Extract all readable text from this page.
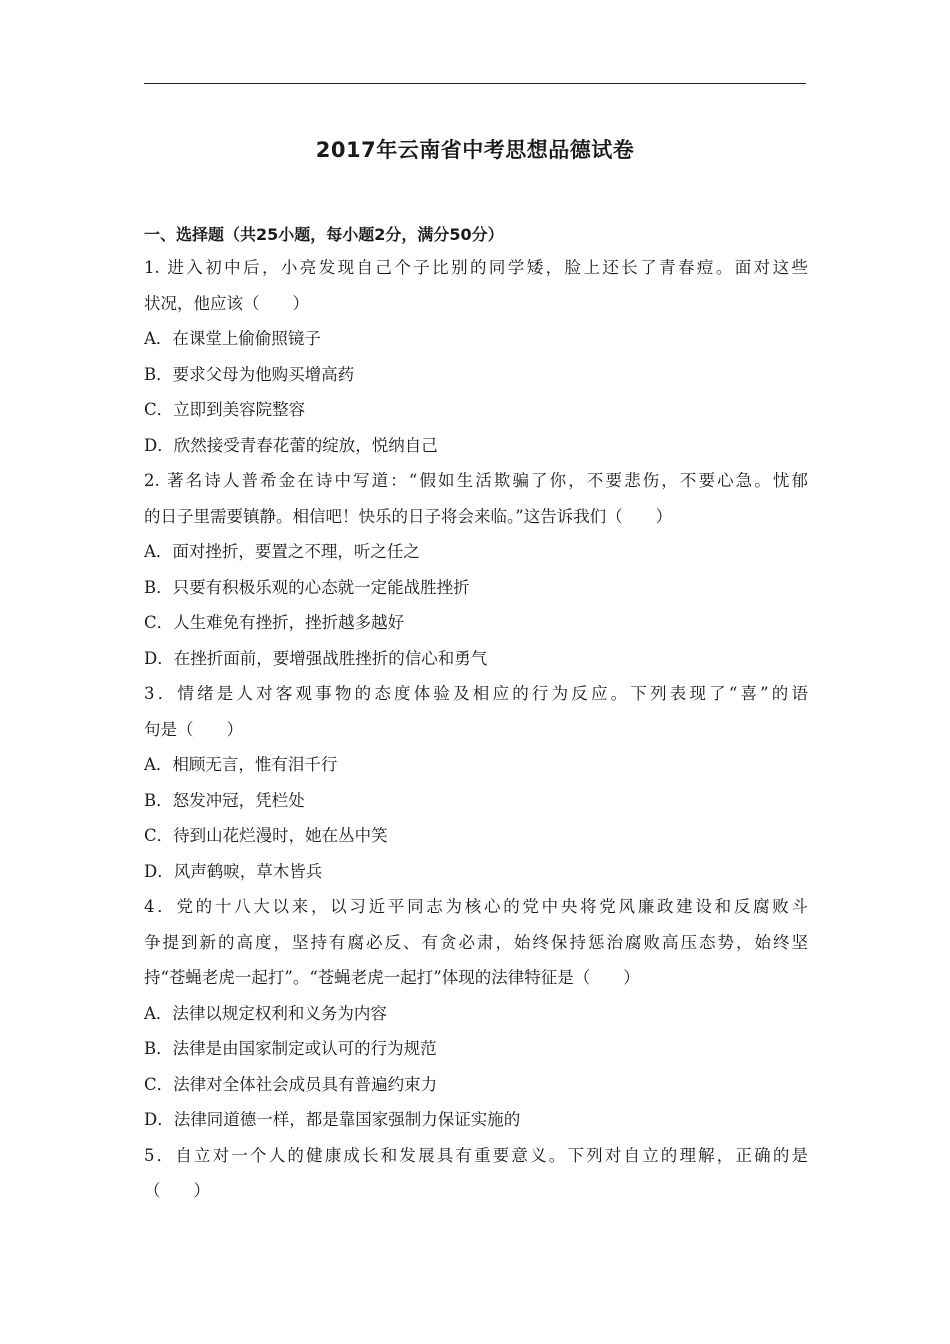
2017年云南省中考思想品德试卷
一、选择题（共25小题，每小题2分，满分50分）
1. 进入初中后，小亮发现自己个子比别的同学矮，脸上还长了青春痘。面对这些
状况，他应该（　　）
A．在课堂上偷偷照镜子
B．要求父母为他购买增高药
C．立即到美容院整容
D．欣然接受青春花蕾的绽放，悦纳自己
2. 著名诗人普希金在诗中写道：“假如生活欺骗了你，不要悲伤，不要心急。忧郁
的日子里需要镇静。相信吧！快乐的日子将会来临。”这告诉我们（　　）
A．面对挫折，要置之不理，听之任之
B．只要有积极乐观的心态就一定能战胜挫折
C．人生难免有挫折，挫折越多越好
D．在挫折面前，要增强战胜挫折的信心和勇气
3．情绪是人对客观事物的态度体验及相应的行为反应。下列表现了“喜”的语
句是（　　）
A．相顾无言，惟有泪千行
B．怒发冲冠，凭栏处
C．待到山花烂漫时，她在丛中笑
D．风声鹤唳，草木皆兵
4．党的十八大以来，以习近平同志为核心的党中央将党风廉政建设和反腐败斗
争提到新的高度，坚持有腐必反、有贪必肃，始终保持惩治腐败高压态势，始终坚
持“苍蝇老虎一起打”。“苍蝇老虎一起打”体现的法律特征是（　　）
A．法律以规定权利和义务为内容
B．法律是由国家制定或认可的行为规范
C．法律对全体社会成员具有普遍约束力
D．法律同道德一样，都是靠国家强制力保证实施的
5．自立对一个人的健康成长和发展具有重要意义。下列对自立的理解，正确的是
（　　）
